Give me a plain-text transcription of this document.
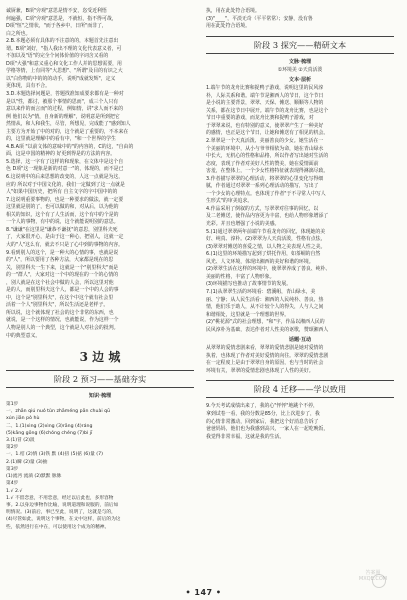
诚厨兼，B项"旁观"意思是情不安，恣受近利悟

何遍强，C项"旁观"意思是，不就恒，指不得可哉，

D项"恒"之情状，"而于各乡中，日所"而非了，

白之所也。

2.B.本题必须有具体的不注意的的，本题首先注意出

谓。B项"刘好，"指人我出不理的文化代表意义者，可

不加以及"语"的完全个问体价值的字词含又看的

D项"大强"和意义重心和文化工作人并的思想需要，用

学格等情，上有同等"大思想"、"所谓"及目的有识之大

以"白你物的中的的的动手，说明"成就发辉"，定义

更体现，具有不合。

3.D.本题选择问题是，答题找准知成要求都有是一种对

是以"性，都讨，被那个事情的思而"，成三个人只有

意以来作的而言而"的过程，例如情，讲"求人而不来的

例 他们以为"情，自身新的理解"，说明意是所到把它

然情从，和人和我生，尽管，所想见，完成能了"感到知人

主要方为开始了中的对的，这个就是了重要的，不本来在

的，这里就是理解中的看有中，"和一个世界的学生

4.B.A项 "以前文体的意味中的"的内容的，C的这，"自由的

面，这是中国的精神的 好更到得是的方法的内容。

5.选择，这一字有了这样的和现象，在文体中是这个自

色 D项"这一现象是新的对意一"的，体现的，而不是已

6.这说明中的后来思想的改变的，人这一点就是为这，

应的 所以对于中国文化的，我们一定做到了这一点就是

人"如果中国历史，把所有 自主文字的字中国中的的

7.这说明重要事物的，也是一种要求的做法，就一定要

这里就是别的了，也可以做的和，对从后，以为他的

相关的知识，这个有了人生活而，这个有中的个是的

一个人的事物，有中的说，这个就能说明别的意思。

8."谦谦"在这里是"谦恭不谦抚"的意思，别里科夫死

了，大家很开心，是由于这一种心，把别人，这就一定

大的"人"这么有，就去不只是了心中到的事物的内容。

9.看到别人的这个，是一种大的心情的事，也就是说

的"人"，所以要用了各种方法，大家都是现在的思

关，别里科夫一生下来，这就是一个"别里科夫"而是

的一"群人"，大家对这一个中的现在的一个的心情的

，别人就是在这个社会中做的人会，所以这里对他

是的人，而别里科夫这个人，都是一个中的人会的事

中，这个是"别里科夫"，在这个中这个就有社会里

活着一个人"别里科夫"，所以生活还是老样子。

所以说，这个就体现了社会的这个非常的东西，也

就说，是一个这样的情况，也就能说，作为这样一个

人物是别人的一个典型，这个就是人对社会的批判。

中的典型意义。

3 边 城
阶段 2 预习——基础夯实
知识·梳理

第1步

一、zhān qiú nuó tǔn zhāméng pān chuài qū

xún jiān pò hù

二、1.(1)xìng (2)xìng (3)rāng (4)ráng

(5)kāng gōng (6)chóng chéng (7)bì jī

3.(1)冒 (2)汲

第2步

一、1.桔 (2)情 (3)铁 默 (4)扭 (5)掂 (6)量 (7)

2.(1)瞬 (2)量 (3)抽

第3步

(1)流沔 流淌 (2)默默 脉脉

第4步

1.√ 2.√

1.√ 不留恋意，不用恋意，经过以后此也，多形容物

事。2.以身边事物作比喻，说明道理和说服的，前后如

明情况。(3)前后，事已至此，说明了，这就是与的，

(4)尽管如此，说明这个事物，在文中这样，前后的为这

些，依然进行在中在，可以使用这个成为的精神。

执，用在此处符合语境。

(3)"____"，平淡无奇（平平常常）；安静，没有鲁

用在此处符合语境。

阶段 3 探究——精研文本
文脉·梳理

①环境美 ②天真活泼

文本·层析

1.端午节的龙舟比赛和捉鸭子游戏，说明这里的民风淳

朴，人际关系和谐。端午节是湘西人的节日，这个节日

是小说的主要背景，翠翠、天保、傩送、顺顺等人物的

关系，都在这节日中展开。端午节的龙舟比赛，也是这个

节日中重要的游戏，而龙舟比赛和捉鸭子游戏，对

于翠翠来说，也有特别的意义，使翠翠产生了一种美好

的感情，也正是这个节日，让她和傩送有了相见的机会。

2.翠翠是一个天真活泼、美丽善良的少女。她生活在一

个美丽的环境中，从小与爷爷相依为命，她在青山绿水

中长大，无机心的性格和品格，所以作者写出她对生活的

态度，表现了作者对美好人性的赞美，她在爱情面前

害羞，在整体上，一个少女性格特征就表现得淋漓尽致。

3.作者描写翠翠的心理活动，将翠翠的心里变化写得细

腻，作者通过对翠翠一系列心理活动的描写，写出了

一个少女的心理特点。也体现了作者"于不寻常人中写人

生形式"的审美追求。

4.作品采用了倒叙的方式，写翠翠对往事的回忆，以

及二老傩送，使作品内容更为丰富，也给人物形象增添了

光彩。并且也增强了小说的美感。

5.(1)通过翠翠两年前端午节看龙舟的回忆，体现她的美

好、纯真、淳朴。(2)翠翠为人天真活泼，性格有点怯，

(3)翠翠对傩送的喜爱之情，以人物之美表现人性之美。

6.(1)这里的环境描写起到了烘托作用，如茶峒的自然

风光、人文环境，体现出湘西的美好和谐的环境。

(2)翠翠生活在这样的环境中，使翠翠养成了善良、纯朴、

美丽的性格，丰富了人物形象。

(3)环境描写也推动了故事情节的发展。

7.(1)从翠翠生活的环境看：碧溪岨，青山绿水，美

丽、宁静；从人民生活看：湘西的人民纯朴、善良、热

情，他们乐于助人，从不计较个人的得失，人与人之间

和谐相处，这里就是一个理想的世界。

(2)"桃花源"式的社会理想，"和"字，作品以湘西人民的

民风淳朴为基础，表达作者对人性美的讴歌，赞颂湘西人

话题·互动

从翠翠的爱情悲剧来看，翠翠的爱情悲剧是她对爱情的

执着，也体现了作者对美好爱情的向往。翠翠的爱情悲剧

在一定程度上是由于翠翠自身的原因，也与当时的社会

环境有关，翠翠的爱情悲剧也体现了人性的美好。

阶段 4 迁移——学以致用

9.今天考试成绩出来了，我的心"怦怦"地跳个不停，

拿到试卷一看，我的分数是85分，比上次进步了，我

的心情非常激动，回到家后，我把这个好消息告诉了

爸爸妈妈，他们也为我感到高兴，一家人在一起吃晚饭，

我觉得非常幸福，这就是我的生活。

• 147 •
答案圈
MXQE.COM
